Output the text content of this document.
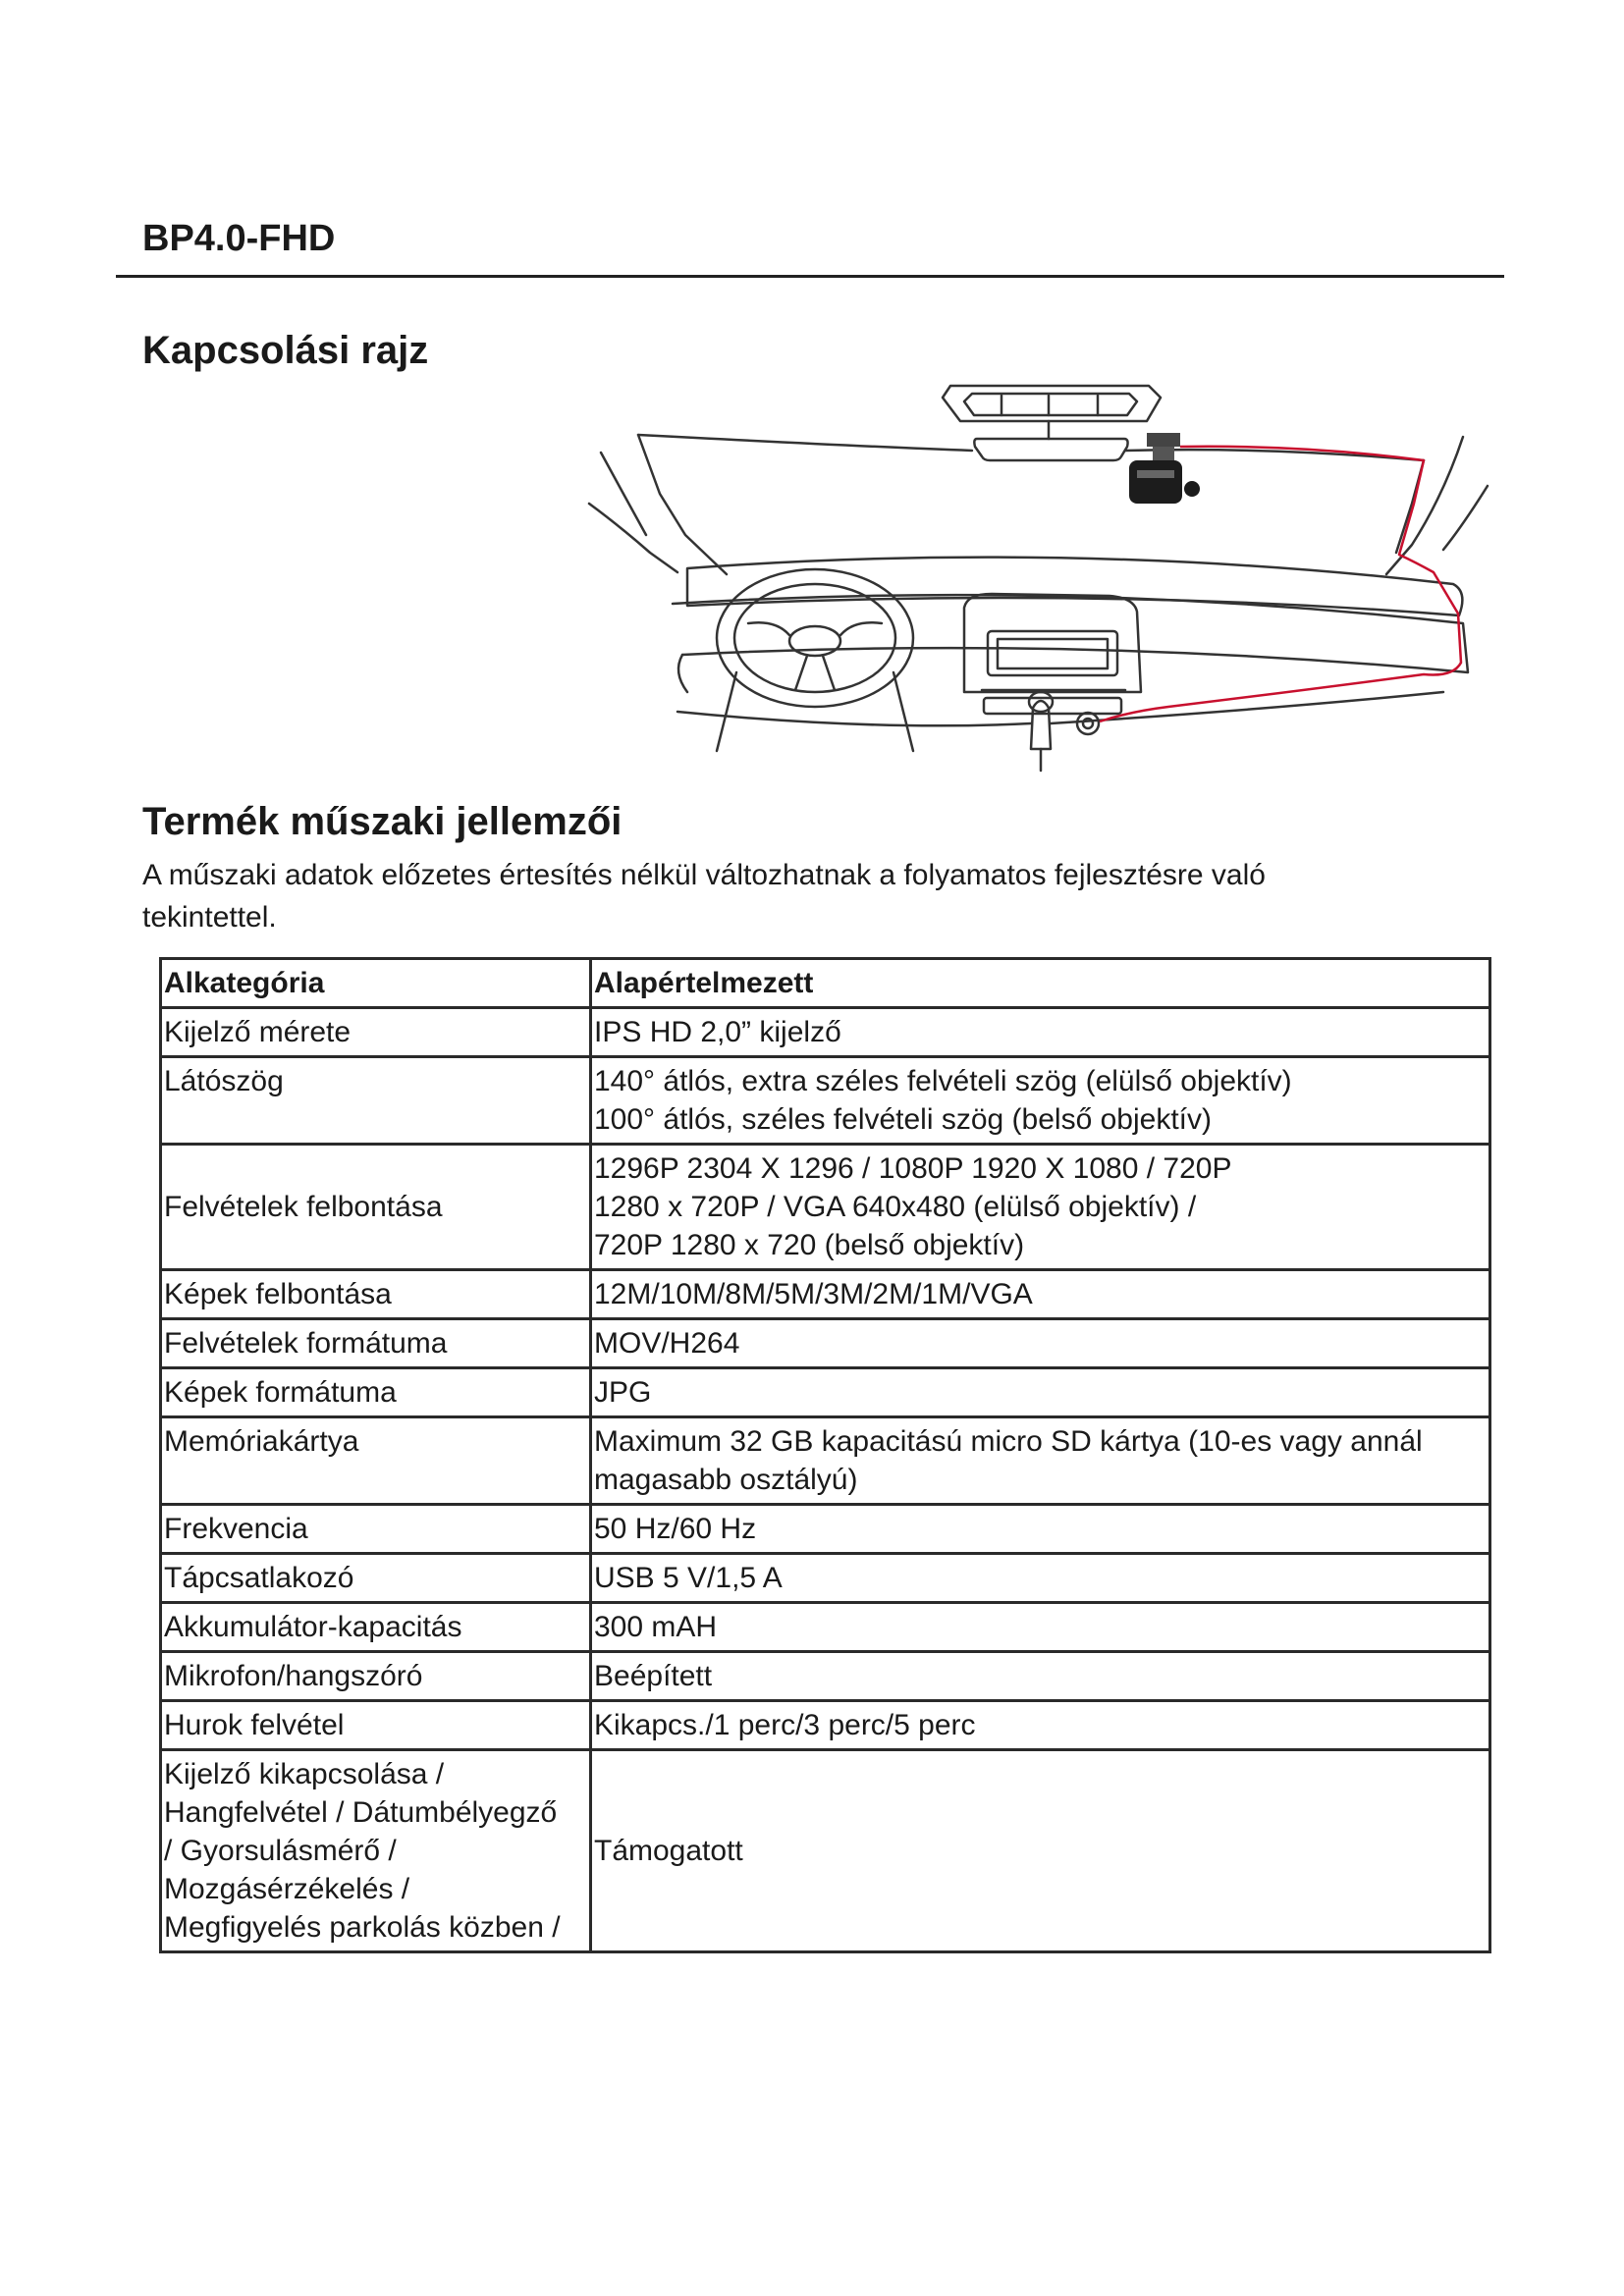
BP4.0-FHD
Kapcsolási rajz
Termék műszaki jellemzői

A műszaki adatok előzetes értesítés nélkül változhatnak a folyamatos fejlesztésre való
tekintettel.

Alkategória	Alapértelmezett
Kijelző mérete	IPS HD 2,0” kijelző
Látószög	140° átlós, extra széles felvételi szög (elülső objektív)
100° átlós, széles felvételi szög (belső objektív)

Felvételek felbontása	1296P 2304 X 1296 / 1080P 1920 X 1080 / 720P
1280 x 720P / VGA 640x480 (elülső objektív) /
720P 1280 x 720 (belső objektív)

Képek felbontása	12M/10M/8M/5M/3M/2M/1M/VGA
Felvételek formátuma	MOV/H264
Képek formátuma	JPG
Memóriakártya	Maximum 32 GB kapacitású micro SD kártya (10-es vagy annál
magasabb osztályú)

Frekvencia	50 Hz/60 Hz
Tápcsatlakozó	USB 5 V/1,5 A
Akkumulátor-kapacitás	300 mAH
Mikrofon/hangszóró	Beépített
Hurok felvétel	Kikapcs./1 perc/3 perc/5 perc

Kijelző kikapcsolása /
Hangfelvétel / Dátumbélyegző
/ Gyorsulásmérő /
Mozgásérzékelés /
Megfigyelés parkolás közben /	Támogatott
